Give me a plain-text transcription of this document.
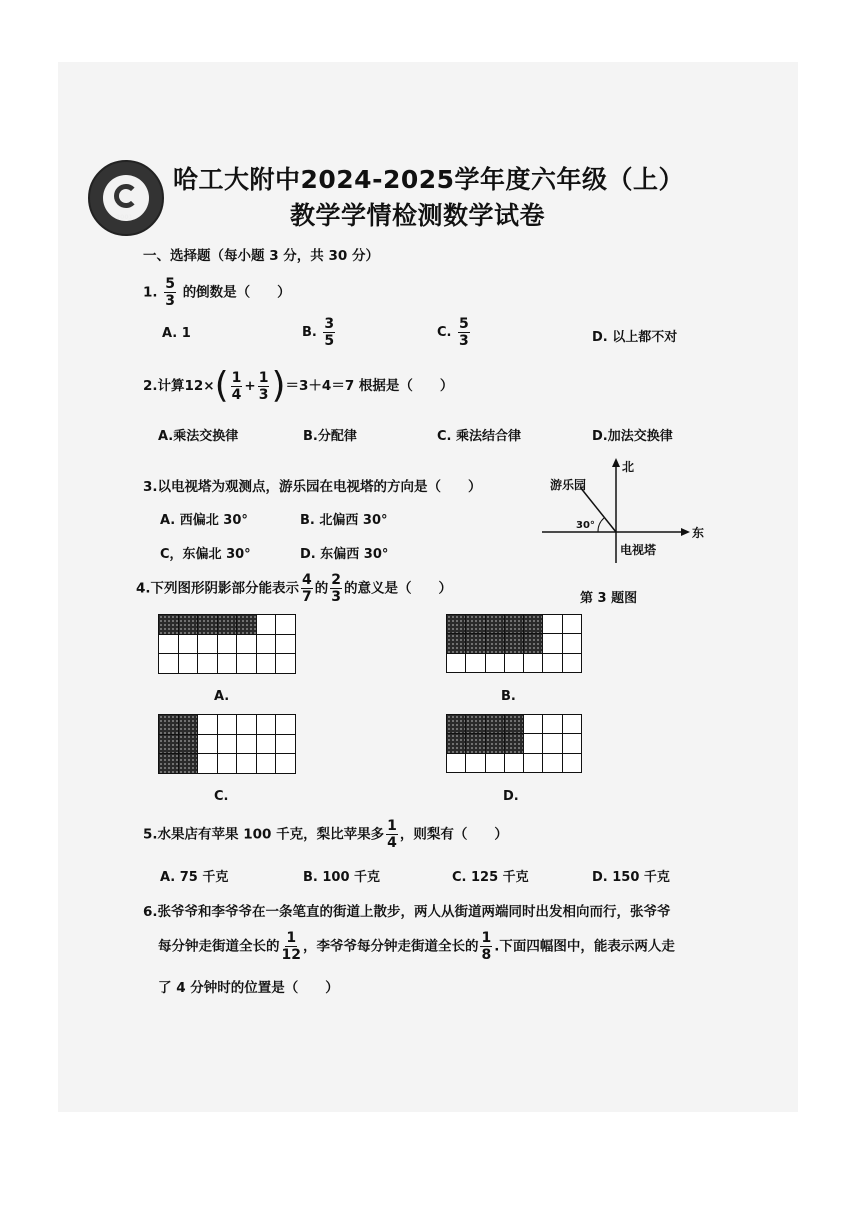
2001
哈工大附中2024-2025学年度六年级（上）
教学学情检测数学试卷
一、选择题（每小题 3 分，共 30 分）
1. $\frac{5}{3}$ 的倒数是（　　）
A. 1	B. $\frac{3}{5}$	C. $\frac{5}{3}$	D. 以上都不对
2.计算$12\times( \frac{1}{4} + \frac{1}{3} )=3+4=7$ 根据是（　　）
A.乘法交换律	B.分配律	C. 乘法结合律	D.加法交换律
3.以电视塔为观测点，游乐园在电视塔的方向是（　　）
A. 西偏北 30°	B. 北偏西 30°
C，东偏北 30°	D. 东偏西 30°
北
东
游乐园
电视塔
30°
第 3 题图
4.下列图形阴影部分能表示 $\frac{4}{7}$ 的 $\frac{2}{3}$ 的意义是（　　）
A.	B.
C.	D.
5.水果店有苹果 100 千克，梨比苹果多 $\frac{1}{4}$ ，则梨有（　　）
A. 75 千克	B. 100 千克	C. 125 千克	D. 150 千克
6.张爷爷和李爷爷在一条笔直的街道上散步，两人从街道两端同时出发相向而行，张爷爷
每分钟走街道全长的 $\frac{1}{12}$ ，李爷爷每分钟走街道全长的 $\frac{1}{8}$ .下面四幅图中，能表示两人走
了 4 分钟时的位置是（　　）
